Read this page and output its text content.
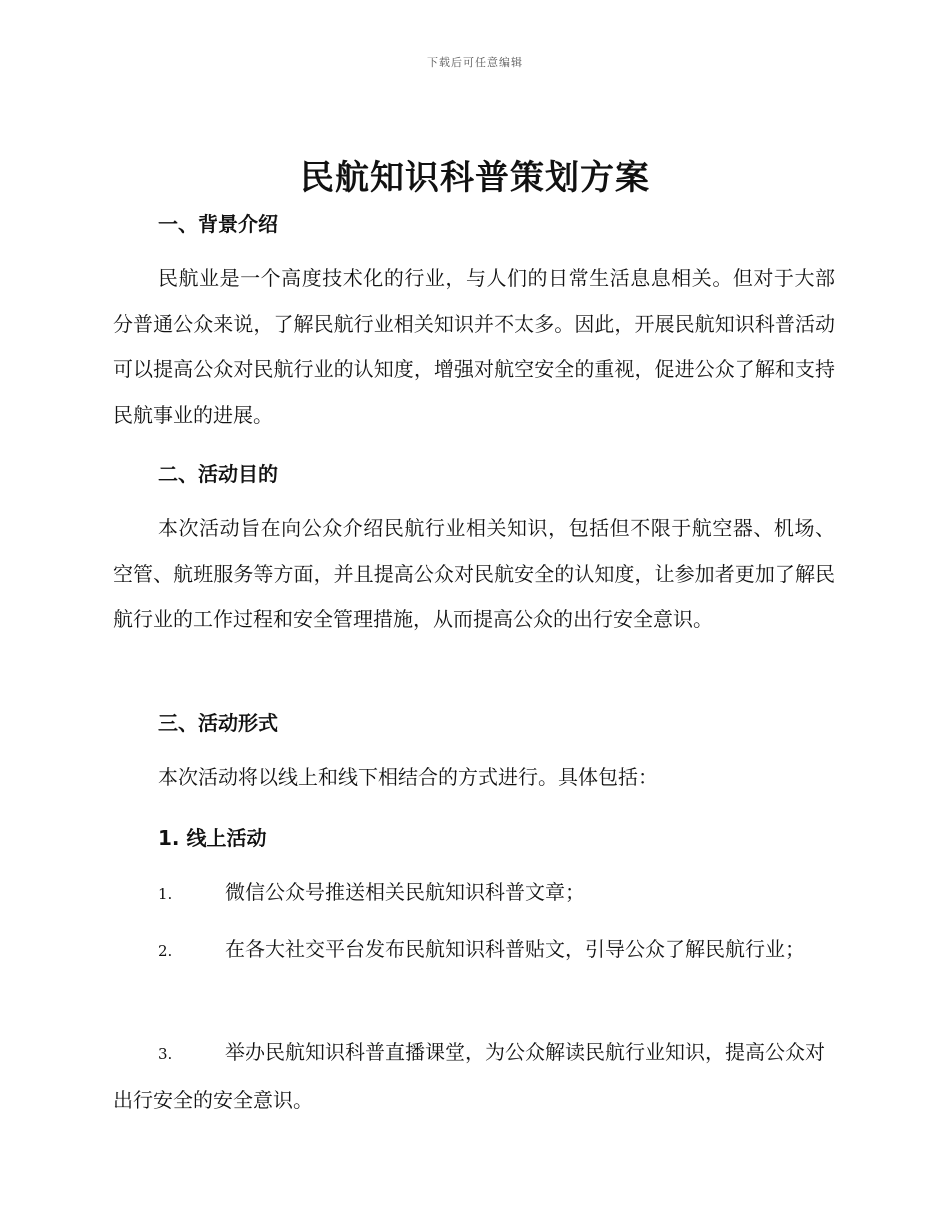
下载后可任意编辑
民航知识科普策划方案
一、背景介绍

民航业是一个高度技术化的行业，与人们的日常生活息息相关。但对于大部分普通公众来说，了解民航行业相关知识并不太多。因此，开展民航知识科普活动可以提高公众对民航行业的认知度，增强对航空安全的重视，促进公众了解和支持民航事业的进展。

二、活动目的

本次活动旨在向公众介绍民航行业相关知识，包括但不限于航空器、机场、空管、航班服务等方面，并且提高公众对民航安全的认知度，让参加者更加了解民航行业的工作过程和安全管理措施，从而提高公众的出行安全意识。

三、活动形式

本次活动将以线上和线下相结合的方式进行。具体包括：

1. 线上活动

1.	微信公众号推送相关民航知识科普文章；

2.	在各大社交平台发布民航知识科普贴文，引导公众了解民航行业；

3.	举办民航知识科普直播课堂，为公众解读民航行业知识，提高公众对出行安全的安全意识。
